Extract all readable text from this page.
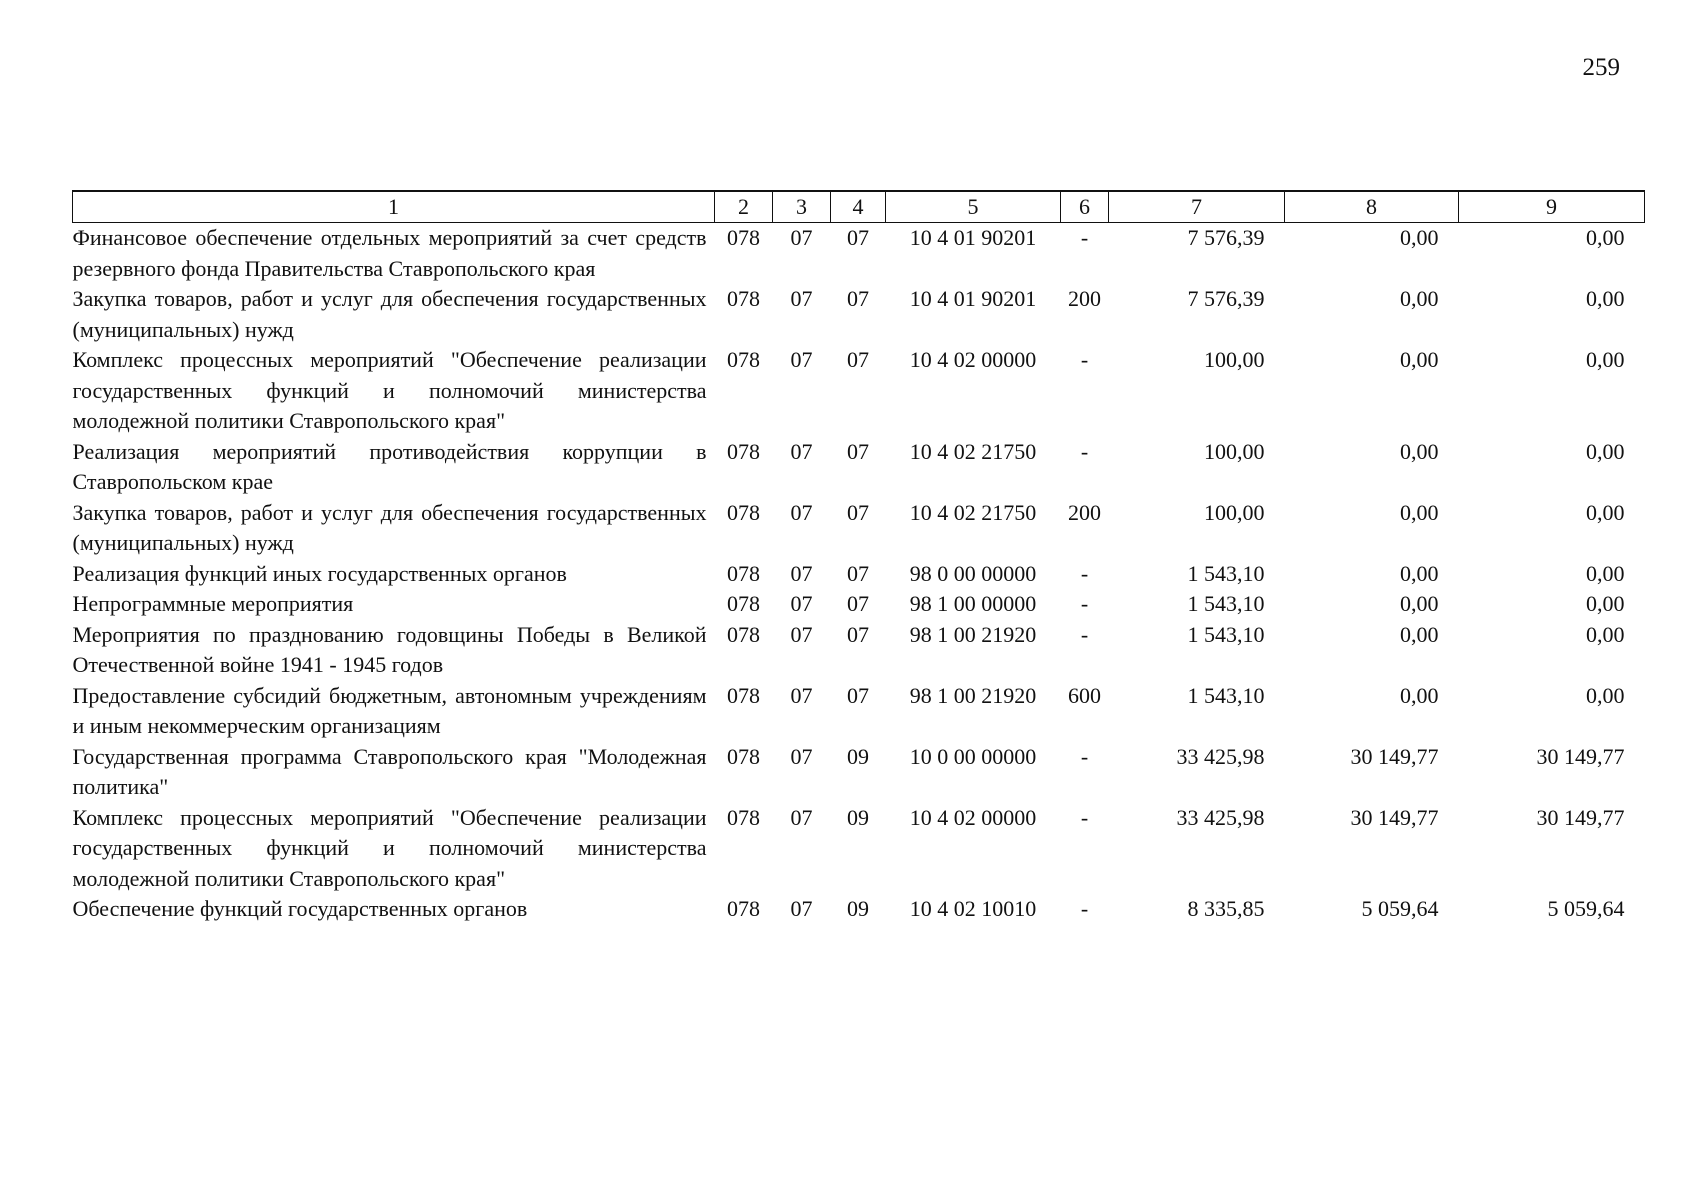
259
1	2	3	4	5	6	7	8	9
Финансовое обеспечение отдельных мероприятий за счет средств резервного фонда Правительства Ставропольского края	078	07	07	10 4 01 90201	-	7 576,39	0,00	0,00
Закупка товаров, работ и услуг для обеспечения государственных (муниципальных) нужд	078	07	07	10 4 01 90201	200	7 576,39	0,00	0,00
Комплекс процессных мероприятий "Обеспечение реализации государственных функций и полномочий министерства молодежной политики Ставропольского края"	078	07	07	10 4 02 00000	-	100,00	0,00	0,00
Реализация мероприятий противодействия коррупции в Ставропольском крае	078	07	07	10 4 02 21750	-	100,00	0,00	0,00
Закупка товаров, работ и услуг для обеспечения государственных (муниципальных) нужд	078	07	07	10 4 02 21750	200	100,00	0,00	0,00
Реализация функций иных государственных органов	078	07	07	98 0 00 00000	-	1 543,10	0,00	0,00
Непрограммные мероприятия	078	07	07	98 1 00 00000	-	1 543,10	0,00	0,00
Мероприятия по празднованию годовщины Победы в Великой Отечественной войне 1941 - 1945 годов	078	07	07	98 1 00 21920	-	1 543,10	0,00	0,00
Предоставление субсидий бюджетным, автономным учреждениям и иным некоммерческим организациям	078	07	07	98 1 00 21920	600	1 543,10	0,00	0,00
Государственная программа Ставропольского края "Молодежная политика"	078	07	09	10 0 00 00000	-	33 425,98	30 149,77	30 149,77
Комплекс процессных мероприятий "Обеспечение реализации государственных функций и полномочий министерства молодежной политики Ставропольского края"	078	07	09	10 4 02 00000	-	33 425,98	30 149,77	30 149,77
Обеспечение функций государственных органов	078	07	09	10 4 02 10010	-	8 335,85	5 059,64	5 059,64
